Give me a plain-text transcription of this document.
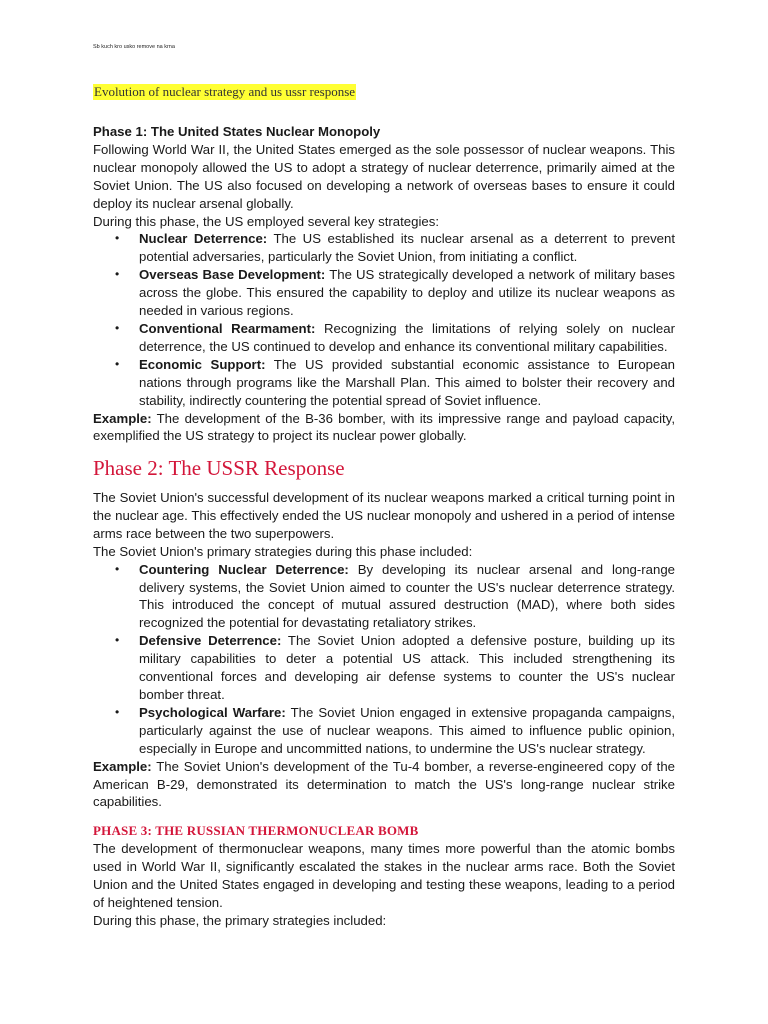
Sb kuch kro usko remove na krna
Evolution of nuclear strategy and us ussr response

Phase 1: The United States Nuclear Monopoly

Following World War II, the United States emerged as the sole possessor of nuclear weapons. This nuclear monopoly allowed the US to adopt a strategy of nuclear deterrence, primarily aimed at the Soviet Union. The US also focused on developing a network of overseas bases to ensure it could deploy its nuclear arsenal globally.

During this phase, the US employed several key strategies:

• Nuclear Deterrence: The US established its nuclear arsenal as a deterrent to prevent potential adversaries, particularly the Soviet Union, from initiating a conflict.
• Overseas Base Development: The US strategically developed a network of military bases across the globe. This ensured the capability to deploy and utilize its nuclear weapons as needed in various regions.
• Conventional Rearmament: Recognizing the limitations of relying solely on nuclear deterrence, the US continued to develop and enhance its conventional military capabilities.
• Economic Support: The US provided substantial economic assistance to European nations through programs like the Marshall Plan. This aimed to bolster their recovery and stability, indirectly countering the potential spread of Soviet influence.

Example: The development of the B-36 bomber, with its impressive range and payload capacity, exemplified the US strategy to project its nuclear power globally.

Phase 2: The USSR Response

The Soviet Union's successful development of its nuclear weapons marked a critical turning point in the nuclear age. This effectively ended the US nuclear monopoly and ushered in a period of intense arms race between the two superpowers.

The Soviet Union's primary strategies during this phase included:

• Countering Nuclear Deterrence: By developing its nuclear arsenal and long-range delivery systems, the Soviet Union aimed to counter the US's nuclear deterrence strategy. This introduced the concept of mutual assured destruction (MAD), where both sides recognized the potential for devastating retaliatory strikes.
• Defensive Deterrence: The Soviet Union adopted a defensive posture, building up its military capabilities to deter a potential US attack. This included strengthening its conventional forces and developing air defense systems to counter the US's nuclear bomber threat.
• Psychological Warfare: The Soviet Union engaged in extensive propaganda campaigns, particularly against the use of nuclear weapons. This aimed to influence public opinion, especially in Europe and uncommitted nations, to undermine the US's nuclear strategy.

Example: The Soviet Union's development of the Tu-4 bomber, a reverse-engineered copy of the American B-29, demonstrated its determination to match the US's long-range nuclear strike capabilities.

PHASE 3: THE RUSSIAN THERMONUCLEAR BOMB

The development of thermonuclear weapons, many times more powerful than the atomic bombs used in World War II, significantly escalated the stakes in the nuclear arms race. Both the Soviet Union and the United States engaged in developing and testing these weapons, leading to a period of heightened tension.

During this phase, the primary strategies included:
